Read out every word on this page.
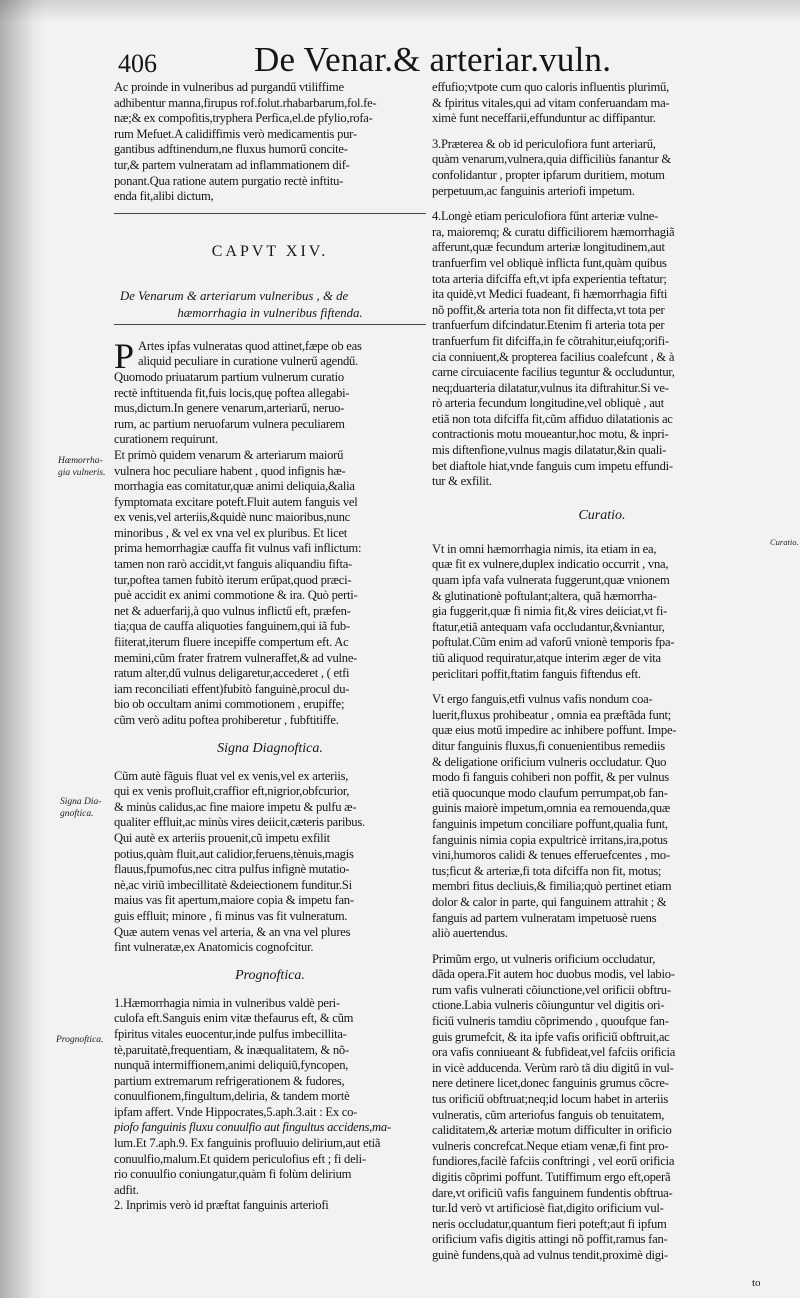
406	De Venar.& arteriar.vuln.
Ac proinde in vulneribus ad purgandű vtiliffime
adhibentur manna,firupus rof.folut.rhabarbarum,fol.fe-
næ;& ex compofitis,tryphera Perfica,el.de pfylio,rofa-
rum Mefuet.A calidiffimis verò medicamentis pur-
gantibus adftinendum,ne fluxus humorű concite-
tur,& partem vulneratam ad inflammationem dif-
ponant.Qua ratione autem purgatio rectè inftitu-
enda fit,alibi dictum,
CAPVT XIV.
De Venarum & arteriarum vulneribus , & de
hæmorrhagia in vulneribus fiftenda.
P Artes ipfas vulneratas quod attinet,fæpe ob eas
aliquid peculiare in curatione vulnerű agendű.
Quomodo priuatarum partium vulnerum curatio
rectè inftituenda fit,fuis locis,quę poftea allegabi-
mus,dictum.In genere venarum,arteriarű, neruo-
rum, ac partium neruofarum vulnera peculiarem
curationem requirunt.
Et primò quidem venarum & arteriarum maiorű
vulnera hoc peculiare habent , quod infignis hæ-
morrhagia eas comitatur,quæ animi deliquia,&alia
fymptomata excitare poteft.Fluit autem fanguis vel
ex venis,vel arteriis,&quidè nunc maioribus,nunc
minoribus , & vel ex vna vel ex pluribus. Et licet
prima hemorrhagiæ cauffa fit vulnus vafi inflictum:
tamen non rarò accidit,vt fanguis aliquandiu fifta-
tur,poftea tamen fubitò iterum erűpat,quod præci-
puè accidit ex animi commotione & ira. Quò perti-
net & aduerfarij,à quo vulnus inflictű eft, præfen-
tia;qua de cauffa aliquoties fanguinem,qui iã fub-
fiiterat,iterum fluere incepiffe compertum eft. Ac
memini,cũm frater fratrem vulneraffet,& ad vulne-
ratum alter,dű vulnus deligaretur,accederet , ( etfi
iam reconciliati effent)fubitò fanguinè,procul du-
bio ob occultam animi commotionem , erupiffe;
cũm verò aditu poftea prohiberetur , fubftitiffe.
Signa Diagnoftica.
Cũm autè fãguis fluat vel ex venis,vel ex arteriis,
qui ex venis profluit,craffior eft,nigrior,obfcurior,
& minùs calidus,ac fine maiore impetu & pulfu æ-
qualiter effluit,ac minùs vires deiicit,cæteris paribus.
Qui autè ex arteriis prouenit,cũ impetu exfilit
potius,quàm fluit,aut calidior,feruens,tènuis,magis
flauus,fpumofus,nec citra pulfus infignè mutatio-
nè,ac viriũ imbecillitatè &deiectionem funditur.Si
maius vas fit apertum,maiore copia & impetu fan-
guis effluit; minore , fi minus vas fit vulneratum.
Quæ autem venas vel arteria, & an vna vel plures
fint vulneratæ,ex Anatomicis cognofcitur.
Prognoftica.
1.Hæmorrhagia nimia in vulneribus valdè peri-
culofa eft.Sanguis enim vitæ thefaurus eft, & cũm
fpiritus vitales euocentur,inde pulfus imbecillita-
tè,paruitatè,frequentiam, & inæqualitatem, & nõ-
nunquã intermiffionem,animi deliquiũ,fyncopen,
partium extremarum refrigerationem & fudores,
conuulfionem,fingultum,deliria, & tandem mortè
ipfam affert. Vnde Hippocrates,5.aph.3.ait : Ex co-
piofo fanguinis fluxu conuulfio aut fingultus accidens,ma-
lum.Et 7.aph.9. Ex fanguinis profluuio delirium,aut etiã
conuulfio,malum.Et quidem periculofius eft ; fi deli-
rio conuulfio coniungatur,quàm fi folùm delirium
adfit.
2. Inprimis verò id præftat fanguinis arteriofi
Hæmorrha-
gia vulneris.
Signa Dia-
gnoftica.
Prognoftica.
Curatio.
effufio;vtpote cum quo caloris influentis plurimű,
& fpiritus vitales,qui ad vitam conferuandam ma-
ximè funt neceffarii,effunduntur ac diffipantur.
3.Præterea & ob id periculofiora funt arteriarű,
quàm venarum,vulnera,quia difficiliùs fanantur &
confolidantur , propter ipfarum duritiem, motum
perpetuum,ac fanguinis arteriofi impetum.
4.Longè etiam periculofiora fűnt arteriæ vulne-
ra, maioremq; & curatu difficiliorem hæmorrhagiã
afferunt,quæ fecundum arteriæ longitudinem,aut
tranfuerfim vel obliquè inflicta funt,quàm quibus
tota arteria difciffa eft,vt ipfa experientia teftatur;
ita quidè,vt Medici fuadeant, fi hæmorrhagia fifti
nõ poffit,& arteria tota non fit diffecta,vt tota per
tranfuerfum difcindatur.Etenim fi arteria tota per
tranfuerfum fit difciffa,in fe cõtrahitur,eiufq;orifi-
cia conniuent,& propterea facilius coalefcunt , & à
carne circuiacente facilius teguntur & occluduntur,
neq;duarteria dilatatur,vulnus ita diftrahitur.Si ve-
rò arteria fecundum longitudine,vel obliquè , aut
etiã non tota difciffa fit,cũm affiduo dilatationis ac
contractionis motu moueantur,hoc motu, & inpri-
mis diftenfione,vulnus magis dilatatur,&in quali-
bet diaftole hiat,vnde fanguis cum impetu effundi-
tur & exfilit.
Curatio.
Vt in omni hæmorrhagia nimis, ita etiam in ea,
quæ fit ex vulnere,duplex indicatio occurrit , vna,
quam ipfa vafa vulnerata fuggerunt,quæ vnionem
& glutinationè poftulant;altera, quã hæmorrha-
gia fuggerit,quæ fi nimia fit,& vires deiiciat,vt fi-
ftatur,etiã antequam vafa occludantur,&vniantur,
poftulat.Cũm enim ad vaforű vnionè temporis fpa-
tiũ aliquod requiratur,atque interim æger de vita
periclitari poffit,ftatim fanguis fiftendus eft.
Vt ergo fanguis,etfi vulnus vafis nondum coa-
luerit,fluxus prohibeatur , omnia ea præftãda funt;
quæ eius motű impedire ac inhibere poffunt. Impe-
ditur fanguinis fluxus,fi conuenientibus remediis
& deligatione orificium vulneris occludatur. Quo
modo fi fanguis cohiberi non poffit, & per vulnus
etiã quocunque modo claufum perrumpat,ob fan-
guinis maiorè impetum,omnia ea remouenda,quæ
fanguinis impetum conciliare poffunt,qualia funt,
fanguinis nimia copia expultricè irritans,ira,potus
vini,humoros calidi & tenues efferuefcentes , mo-
tus;ficut & arteriæ,fi tota difciffa non fit, motus;
membri fitus decliuis,& fimilia;quò pertinet etiam
dolor & calor in parte, qui fanguinem attrahit ; &
fanguis ad partem vulneratam impetuosè ruens
aliò auertendus.
Primũm ergo, ut vulneris orificium occludatur,
dãda opera.Fit autem hoc duobus modis, vel labio-
rum vafis vulnerati cõiunctione,vel orificii obftru-
ctione.Labia vulneris cõiunguntur vel digitis ori-
ficiű vulneris tamdiu cõprimendo , quoufque fan-
guis grumefcit, & ita ipfe vafis orificiű obftruit,ac
ora vafis conniueant & fubfideat,vel fafciis orificia
in vicè adducenda. Verùm rarò tã diu digitű in vul-
nere detinere licet,donec fanguinis grumus cõcre-
tus orificiű obftruat;neq;id locum habet in arteriis
vulneratis, cũm arteriofus fanguis ob tenuitatem,
caliditatem,& arteriæ motum difficulter in orificio
vulneris concrefcat.Neque etiam venæ,fi fint pro-
fundiores,facilè fafciis conftringi , vel eorű orificia
digitis cõprimi poffunt. Tutiffimum ergo eft,operã
dare,vt orificiũ vafis fanguinem fundentis obftrua-
tur.Id verò vt artificiosè fiat,digito orificium vul-
neris occludatur,quantum fieri poteft;aut fi ipfum
orificium vafis digitis attingi nõ poffit,ramus fan-
guinè fundens,quà ad vulnus tendit,proximè digi-
to
